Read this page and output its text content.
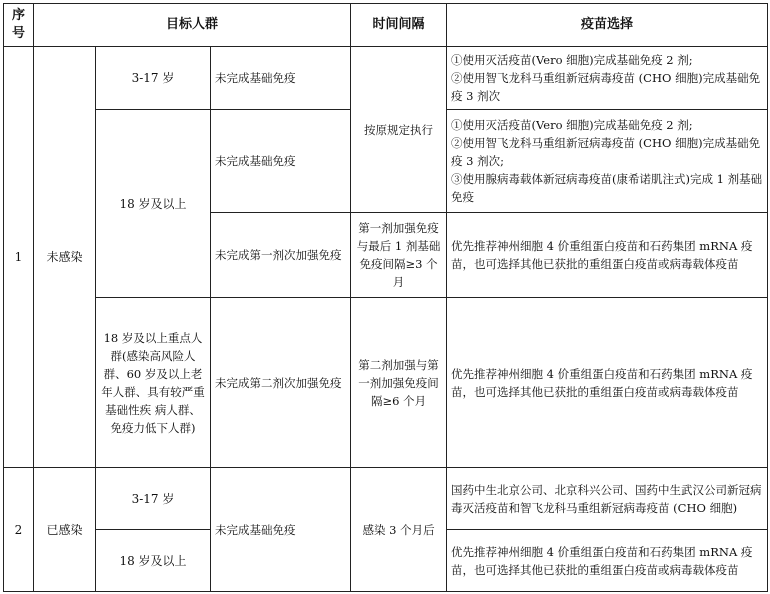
序号	目标人群			时间间隔	疫苗选择
1	未感染	3-17 岁	未完成基础免疫	按原规定执行	①使用灭活疫苗(Vero 细胞)完成基础免疫 2 剂;
②使用智飞龙科马重组新冠病毒疫苗 (CHO 细胞)完成基础免疫 3 剂次

		18 岁及以上	未完成基础免疫		①使用灭活疫苗(Vero 细胞)完成基础免疫 2 剂;
②使用智飞龙科马重组新冠病毒疫苗 (CHO 细胞)完成基础免疫 3 剂次;
③使用腺病毒载体新冠病毒疫苗(康希诺肌注式)完成 1 剂基础免疫

			未完成第一剂次加强免疫	第一剂加强免疫与最后 1 剂基础免疫间隔≥3 个月	优先推荐神州细胞 4 价重组蛋白疫苗和石药集团 mRNA 疫苗，也可选择其他已获批的重组蛋白疫苗或病毒载体疫苗
		18 岁及以上重点人群(感染高风险人群、60 岁及以上老年人群、具有较严重基础性疾 病人群、免疫力低下人群)	未完成第二剂次加强免疫	第二剂加强与第一剂加强免疫间隔≥6 个月	优先推荐神州细胞 4 价重组蛋白疫苗和石药集团 mRNA 疫苗，也可选择其他已获批的重组蛋白疫苗或病毒载体疫苗
2	已感染	3-17 岁	未完成基础免疫	感染 3 个月后	国药中生北京公司、北京科兴公司、国药中生武汉公司新冠病毒灭活疫苗和智飞龙科马重组新冠病毒疫苗 (CHO 细胞)
		18 岁及以上			优先推荐神州细胞 4 价重组蛋白疫苗和石药集团 mRNA 疫苗，也可选择其他已获批的重组蛋白疫苗或病毒载体疫苗
